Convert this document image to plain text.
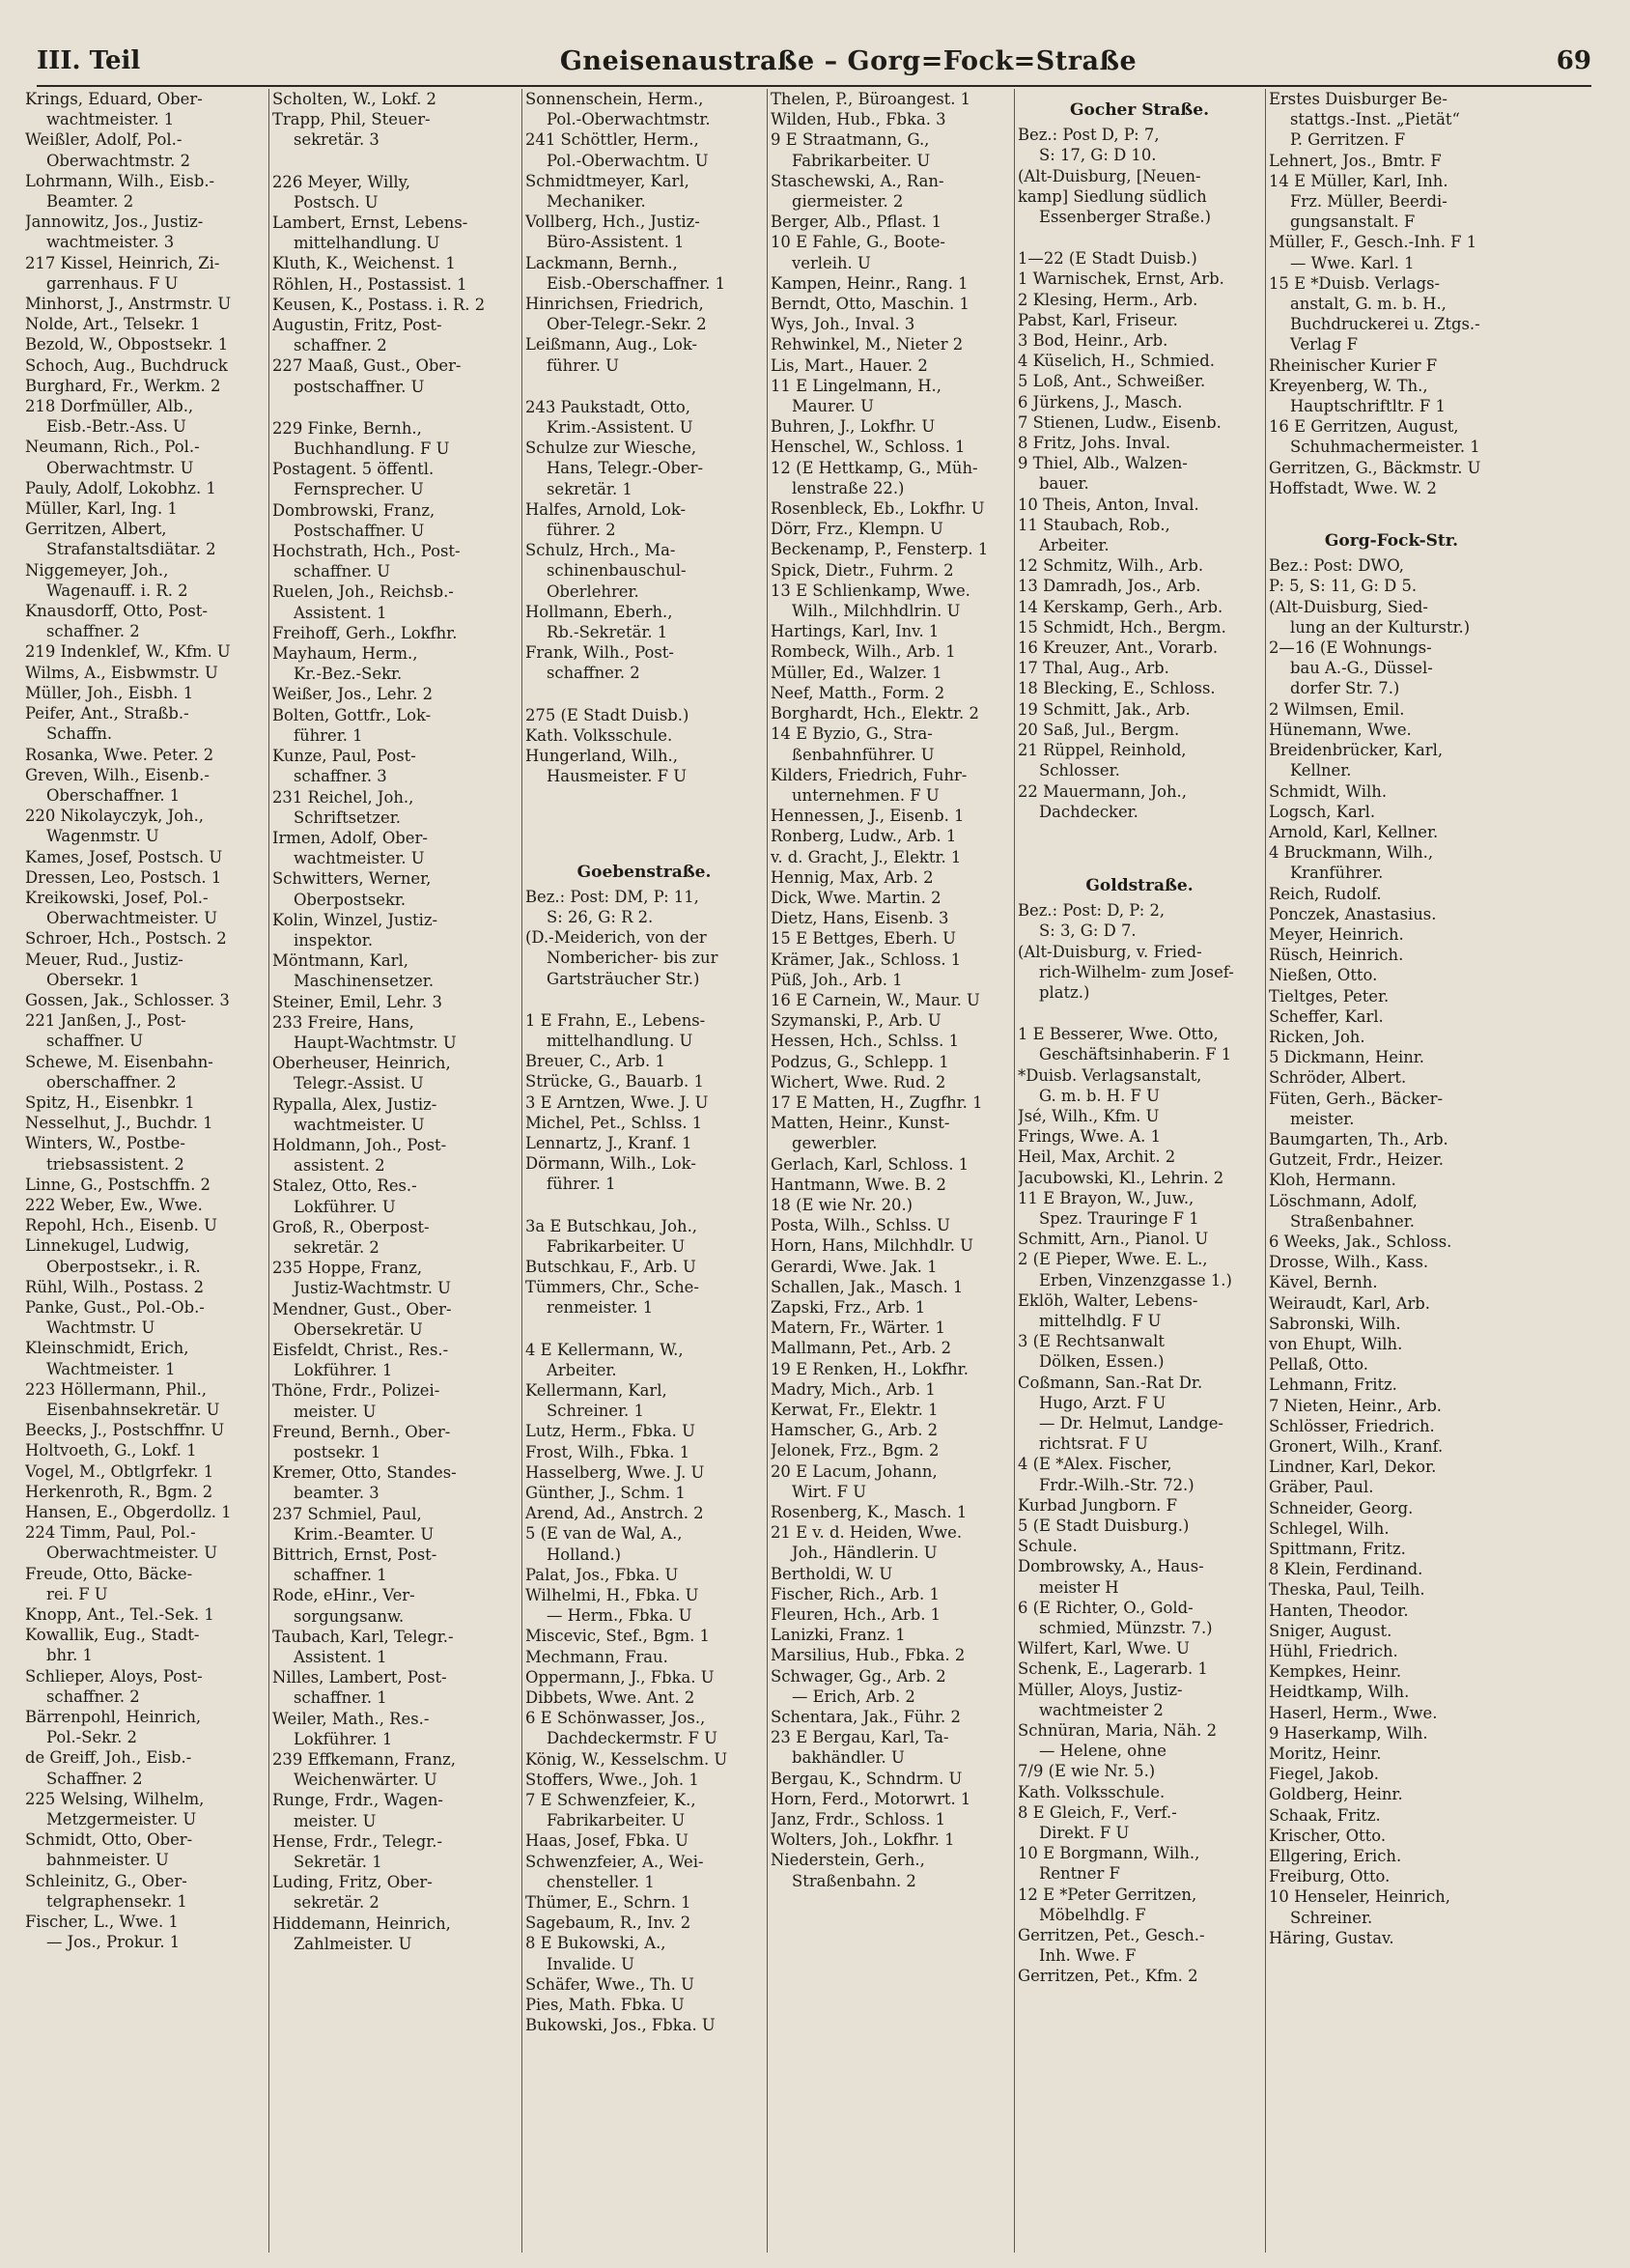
III. Teil	Gneisenaustraße – Gorg=Fock=Straße	69
Krings, Eduard, Ober-
wachtmeister. 1
Weißler, Adolf, Pol.-
Oberwachtmstr. 2
Lohrmann, Wilh., Eisb.-
Beamter. 2
Jannowitz, Jos., Justiz-
wachtmeister. 3
217 Kissel, Heinrich, Zi-
garrenhaus. F U
Minhorst, J., Anstrmstr. U
Nolde, Art., Telsekr. 1
Bezold, W., Obpostsekr. 1
Schoch, Aug., Buchdruck
Burghard, Fr., Werkm. 2
218 Dorfmüller, Alb.,
Eisb.-Betr.-Ass. U
Neumann, Rich., Pol.-
Oberwachtmstr. U
Pauly, Adolf, Lokobhz. 1
Müller, Karl, Ing. 1
Gerritzen, Albert,
Strafanstaltsdiätar. 2
Niggemeyer, Joh.,
Wagenauff. i. R. 2
Knausdorff, Otto, Post-
schaffner. 2
219 Indenklef, W., Kfm. U
Wilms, A., Eisbwmstr. U
Müller, Joh., Eisbh. 1
Peifer, Ant., Straßb.-
Schaffn.
Rosanka, Wwe. Peter. 2
Greven, Wilh., Eisenb.-
Oberschaffner. 1
220 Nikolayczyk, Joh.,
Wagenmstr. U
Kames, Josef, Postsch. U
Dressen, Leo, Postsch. 1
Kreikowski, Josef, Pol.-
Oberwachtmeister. U
Schroer, Hch., Postsch. 2
Meuer, Rud., Justiz-
Obersekr. 1
Gossen, Jak., Schlosser. 3
221 Janßen, J., Post-
schaffner. U
Schewe, M. Eisenbahn-
oberschaffner. 2
Spitz, H., Eisenbkr. 1
Nesselhut, J., Buchdr. 1
Winters, W., Postbe-
triebsassistent. 2
Linne, G., Postschffn. 2
222 Weber, Ew., Wwe.
Repohl, Hch., Eisenb. U
Linnekugel, Ludwig,
Oberpostsekr., i. R.
Rühl, Wilh., Postass. 2
Panke, Gust., Pol.-Ob.-
Wachtmstr. U
Kleinschmidt, Erich,
Wachtmeister. 1
223 Höllermann, Phil.,
Eisenbahnsekretär. U
Beecks, J., Postschffnr. U
Holtvoeth, G., Lokf. 1
Vogel, M., Obtlgrfekr. 1
Herkenroth, R., Bgm. 2
Hansen, E., Obgerdollz. 1
224 Timm, Paul, Pol.-
Oberwachtmeister. U
Freude, Otto, Bäcke-
rei. F U
Knopp, Ant., Tel.-Sek. 1
Kowallik, Eug., Stadt-
bhr. 1
Schlieper, Aloys, Post-
schaffner. 2
Bärrenpohl, Heinrich,
Pol.-Sekr. 2
de Greiff, Joh., Eisb.-
Schaffner. 2
225 Welsing, Wilhelm,
Metzgermeister. U
Schmidt, Otto, Ober-
bahnmeister. U
Schleinitz, G., Ober-
telgraphensekr. 1
Fischer, L., Wwe. 1
— Jos., Prokur. 1
Scholten, W., Lokf. 2
Trapp, Phil, Steuer-
sekretär. 3
226 Meyer, Willy,
Postsch. U
Lambert, Ernst, Lebens-
mittelhandlung. U
Kluth, K., Weichenst. 1
Röhlen, H., Postassist. 1
Keusen, K., Postass. i. R. 2
Augustin, Fritz, Post-
schaffner. 2
227 Maaß, Gust., Ober-
postschaffner. U
229 Finke, Bernh.,
Buchhandlung. F U
Postagent. 5 öffentl.
Fernsprecher. U
Dombrowski, Franz,
Postschaffner. U
Hochstrath, Hch., Post-
schaffner. U
Ruelen, Joh., Reichsb.-
Assistent. 1
Freihoff, Gerh., Lokfhr.
Mayhaum, Herm.,
Kr.-Bez.-Sekr.
Weißer, Jos., Lehr. 2
Bolten, Gottfr., Lok-
führer. 1
Kunze, Paul, Post-
schaffner. 3
231 Reichel, Joh.,
Schriftsetzer.
Irmen, Adolf, Ober-
wachtmeister. U
Schwitters, Werner,
Oberpostsekr.
Kolin, Winzel, Justiz-
inspektor.
Möntmann, Karl,
Maschinensetzer.
Steiner, Emil, Lehr. 3
233 Freire, Hans,
Haupt-Wachtmstr. U
Oberheuser, Heinrich,
Telegr.-Assist. U
Rypalla, Alex, Justiz-
wachtmeister. U
Holdmann, Joh., Post-
assistent. 2
Stalez, Otto, Res.-
Lokführer. U
Groß, R., Oberpost-
sekretär. 2
235 Hoppe, Franz,
Justiz-Wachtmstr. U
Mendner, Gust., Ober-
Obersekretär. U
Eisfeldt, Christ., Res.-
Lokführer. 1
Thöne, Frdr., Polizei-
meister. U
Freund, Bernh., Ober-
postsekr. 1
Kremer, Otto, Standes-
beamter. 3
237 Schmiel, Paul,
Krim.-Beamter. U
Bittrich, Ernst, Post-
schaffner. 1
Rode, eHinr., Ver-
sorgungsanw.
Taubach, Karl, Telegr.-
Assistent. 1
Nilles, Lambert, Post-
schaffner. 1
Weiler, Math., Res.-
Lokführer. 1
239 Effkemann, Franz,
Weichenwärter. U
Runge, Frdr., Wagen-
meister. U
Hense, Frdr., Telegr.-
Sekretär. 1
Luding, Fritz, Ober-
sekretär. 2
Hiddemann, Heinrich,
Zahlmeister. U
Sonnenschein, Herm.,
Pol.-Oberwachtmstr.
241 Schöttler, Herm.,
Pol.-Oberwachtm. U
Schmidtmeyer, Karl,
Mechaniker.
Vollberg, Hch., Justiz-
Büro-Assistent. 1
Lackmann, Bernh.,
Eisb.-Oberschaffner. 1
Hinrichsen, Friedrich,
Ober-Telegr.-Sekr. 2
Leißmann, Aug., Lok-
führer. U
243 Paukstadt, Otto,
Krim.-Assistent. U
Schulze zur Wiesche,
Hans, Telegr.-Ober-
sekretär. 1
Halfes, Arnold, Lok-
führer. 2
Schulz, Hrch., Ma-
schinenbauschul-
Oberlehrer.
Hollmann, Eberh.,
Rb.-Sekretär. 1
Frank, Wilh., Post-
schaffner. 2
275 (E Stadt Duisb.)
Kath. Volksschule.
Hungerland, Wilh.,
Hausmeister. F U
Goebenstraße.
Bez.: Post: DM, P: 11,
S: 26, G: R 2.
(D.-Meiderich, von der
Nombericher- bis zur
Gartsträucher Str.)
1 E Frahn, E., Lebens-
mittelhandlung. U
Breuer, C., Arb. 1
Strücke, G., Bauarb. 1
3 E Arntzen, Wwe. J. U
Michel, Pet., Schlss. 1
Lennartz, J., Kranf. 1
Dörmann, Wilh., Lok-
führer. 1
3a E Butschkau, Joh.,
Fabrikarbeiter. U
Butschkau, F., Arb. U
Tümmers, Chr., Sche-
renmeister. 1
4 E Kellermann, W.,
Arbeiter.
Kellermann, Karl,
Schreiner. 1
Lutz, Herm., Fbka. U
Frost, Wilh., Fbka. 1
Hasselberg, Wwe. J. U
Günther, J., Schm. 1
Arend, Ad., Anstrch. 2
5 (E van de Wal, A.,
Holland.)
Palat, Jos., Fbka. U
Wilhelmi, H., Fbka. U
— Herm., Fbka. U
Miscevic, Stef., Bgm. 1
Mechmann, Frau.
Oppermann, J., Fbka. U
Dibbets, Wwe. Ant. 2
6 E Schönwasser, Jos.,
Dachdeckermstr. F U
König, W., Kesselschm. U
Stoffers, Wwe., Joh. 1
7 E Schwenzfeier, K.,
Fabrikarbeiter. U
Haas, Josef, Fbka. U
Schwenzfeier, A., Wei-
chensteller. 1
Thümer, E., Schrn. 1
Sagebaum, R., Inv. 2
8 E Bukowski, A.,
Invalide. U
Schäfer, Wwe., Th. U
Pies, Math. Fbka. U
Bukowski, Jos., Fbka. U
Thelen, P., Büroangest. 1
Wilden, Hub., Fbka. 3
9 E Straatmann, G.,
Fabrikarbeiter. U
Staschewski, A., Ran-
giermeister. 2
Berger, Alb., Pflast. 1
10 E Fahle, G., Boote-
verleih. U
Kampen, Heinr., Rang. 1
Berndt, Otto, Maschin. 1
Wys, Joh., Inval. 3
Rehwinkel, M., Nieter 2
Lis, Mart., Hauer. 2
11 E Lingelmann, H.,
Maurer. U
Buhren, J., Lokfhr. U
Henschel, W., Schloss. 1
12 (E Hettkamp, G., Müh-
lenstraße 22.)
Rosenbleck, Eb., Lokfhr. U
Dörr, Frz., Klempn. U
Beckenamp, P., Fensterp. 1
Spick, Dietr., Fuhrm. 2
13 E Schlienkamp, Wwe.
Wilh., Milchhdlrin. U
Hartings, Karl, Inv. 1
Rombeck, Wilh., Arb. 1
Müller, Ed., Walzer. 1
Neef, Matth., Form. 2
Borghardt, Hch., Elektr. 2
14 E Byzio, G., Stra-
ßenbahnführer. U
Kilders, Friedrich, Fuhr-
unternehmen. F U
Hennessen, J., Eisenb. 1
Ronberg, Ludw., Arb. 1
v. d. Gracht, J., Elektr. 1
Hennig, Max, Arb. 2
Dick, Wwe. Martin. 2
Dietz, Hans, Eisenb. 3
15 E Bettges, Eberh. U
Krämer, Jak., Schloss. 1
Püß, Joh., Arb. 1
16 E Carnein, W., Maur. U
Szymanski, P., Arb. U
Hessen, Hch., Schlss. 1
Podzus, G., Schlepp. 1
Wichert, Wwe. Rud. 2
17 E Matten, H., Zugfhr. 1
Matten, Heinr., Kunst-
gewerbler.
Gerlach, Karl, Schloss. 1
Hantmann, Wwe. B. 2
18 (E wie Nr. 20.)
Posta, Wilh., Schlss. U
Horn, Hans, Milchhdlr. U
Gerardi, Wwe. Jak. 1
Schallen, Jak., Masch. 1
Zapski, Frz., Arb. 1
Matern, Fr., Wärter. 1
Mallmann, Pet., Arb. 2
19 E Renken, H., Lokfhr.
Madry, Mich., Arb. 1
Kerwat, Fr., Elektr. 1
Hamscher, G., Arb. 2
Jelonek, Frz., Bgm. 2
20 E Lacum, Johann,
Wirt. F U
Rosenberg, K., Masch. 1
21 E v. d. Heiden, Wwe.
Joh., Händlerin. U
Bertholdi, W. U
Fischer, Rich., Arb. 1
Fleuren, Hch., Arb. 1
Lanizki, Franz. 1
Marsilius, Hub., Fbka. 2
Schwager, Gg., Arb. 2
— Erich, Arb. 2
Schentara, Jak., Führ. 2
23 E Bergau, Karl, Ta-
bakhändler. U
Bergau, K., Schndrm. U
Horn, Ferd., Motorwrt. 1
Janz, Frdr., Schloss. 1
Wolters, Joh., Lokfhr. 1
Niederstein, Gerh.,
Straßenbahn. 2
Gocher Straße.
Bez.: Post D, P: 7,
S: 17, G: D 10.
(Alt-Duisburg, [Neuen-
kamp] Siedlung südlich
Essenberger Straße.)
1—22 (E Stadt Duisb.)
1 Warnischek, Ernst, Arb.
2 Klesing, Herm., Arb.
Pabst, Karl, Friseur.
3 Bod, Heinr., Arb.
4 Küselich, H., Schmied.
5 Loß, Ant., Schweißer.
6 Jürkens, J., Masch.
7 Stienen, Ludw., Eisenb.
8 Fritz, Johs. Inval.
9 Thiel, Alb., Walzen-
bauer.
10 Theis, Anton, Inval.
11 Staubach, Rob.,
Arbeiter.
12 Schmitz, Wilh., Arb.
13 Damradh, Jos., Arb.
14 Kerskamp, Gerh., Arb.
15 Schmidt, Hch., Bergm.
16 Kreuzer, Ant., Vorarb.
17 Thal, Aug., Arb.
18 Blecking, E., Schloss.
19 Schmitt, Jak., Arb.
20 Saß, Jul., Bergm.
21 Rüppel, Reinhold,
Schlosser.
22 Mauermann, Joh.,
Dachdecker.
Goldstraße.
Bez.: Post: D, P: 2,
S: 3, G: D 7.
(Alt-Duisburg, v. Fried-
rich-Wilhelm- zum Josef-
platz.)
1 E Besserer, Wwe. Otto,
Geschäftsinhaberin. F 1
*Duisb. Verlagsanstalt,
G. m. b. H. F U
Jsé, Wilh., Kfm. U
Frings, Wwe. A. 1
Heil, Max, Archit. 2
Jacubowski, Kl., Lehrin. 2
11 E Brayon, W., Juw.,
Spez. Trauringe F 1
Schmitt, Arn., Pianol. U
2 (E Pieper, Wwe. E. L.,
Erben, Vinzenzgasse 1.)
Eklöh, Walter, Lebens-
mittelhdlg. F U
3 (E Rechtsanwalt
Dölken, Essen.)
Coßmann, San.-Rat Dr.
Hugo, Arzt. F U
— Dr. Helmut, Landge-
richtsrat. F U
4 (E *Alex. Fischer,
Frdr.-Wilh.-Str. 72.)
Kurbad Jungborn. F
5 (E Stadt Duisburg.)
Schule.
Dombrowsky, A., Haus-
meister H
6 (E Richter, O., Gold-
schmied, Münzstr. 7.)
Wilfert, Karl, Wwe. U
Schenk, E., Lagerarb. 1
Müller, Aloys, Justiz-
wachtmeister 2
Schnüran, Maria, Näh. 2
— Helene, ohne
7/9 (E wie Nr. 5.)
Kath. Volksschule.
8 E Gleich, F., Verf.-
Direkt. F U
10 E Borgmann, Wilh.,
Rentner F
12 E *Peter Gerritzen,
Möbelhdlg. F
Gerritzen, Pet., Gesch.-
Inh. Wwe. F
Gerritzen, Pet., Kfm. 2
Erstes Duisburger Be-
stattgs.-Inst. „Pietät“
P. Gerritzen. F
Lehnert, Jos., Bmtr. F
14 E Müller, Karl, Inh.
Frz. Müller, Beerdi-
gungsanstalt. F
Müller, F., Gesch.-Inh. F 1
— Wwe. Karl. 1
15 E *Duisb. Verlags-
anstalt, G. m. b. H.,
Buchdruckerei u. Ztgs.-
Verlag F
Rheinischer Kurier F
Kreyenberg, W. Th.,
Hauptschriftltr. F 1
16 E Gerritzen, August,
Schuhmachermeister. 1
Gerritzen, G., Bäckmstr. U
Hoffstadt, Wwe. W. 2
Gorg-Fock-Str.
Bez.: Post: DWO,
P: 5, S: 11, G: D 5.
(Alt-Duisburg, Sied-
lung an der Kulturstr.)
2—16 (E Wohnungs-
bau A.-G., Düssel-
dorfer Str. 7.)
2 Wilmsen, Emil.
Hünemann, Wwe.
Breidenbrücker, Karl,
Kellner.
Schmidt, Wilh.
Logsch, Karl.
Arnold, Karl, Kellner.
4 Bruckmann, Wilh.,
Kranführer.
Reich, Rudolf.
Ponczek, Anastasius.
Meyer, Heinrich.
Rüsch, Heinrich.
Nießen, Otto.
Tieltges, Peter.
Scheffer, Karl.
Ricken, Joh.
5 Dickmann, Heinr.
Schröder, Albert.
Füten, Gerh., Bäcker-
meister.
Baumgarten, Th., Arb.
Gutzeit, Frdr., Heizer.
Kloh, Hermann.
Löschmann, Adolf,
Straßenbahner.
6 Weeks, Jak., Schloss.
Drosse, Wilh., Kass.
Kävel, Bernh.
Weiraudt, Karl, Arb.
Sabronski, Wilh.
von Ehupt, Wilh.
Pellaß, Otto.
Lehmann, Fritz.
7 Nieten, Heinr., Arb.
Schlösser, Friedrich.
Gronert, Wilh., Kranf.
Lindner, Karl, Dekor.
Gräber, Paul.
Schneider, Georg.
Schlegel, Wilh.
Spittmann, Fritz.
8 Klein, Ferdinand.
Theska, Paul, Teilh.
Hanten, Theodor.
Sniger, August.
Hühl, Friedrich.
Kempkes, Heinr.
Heidtkamp, Wilh.
Haserl, Herm., Wwe.
9 Haserkamp, Wilh.
Moritz, Heinr.
Fiegel, Jakob.
Goldberg, Heinr.
Schaak, Fritz.
Krischer, Otto.
Ellgering, Erich.
Freiburg, Otto.
10 Henseler, Heinrich,
Schreiner.
Häring, Gustav.
